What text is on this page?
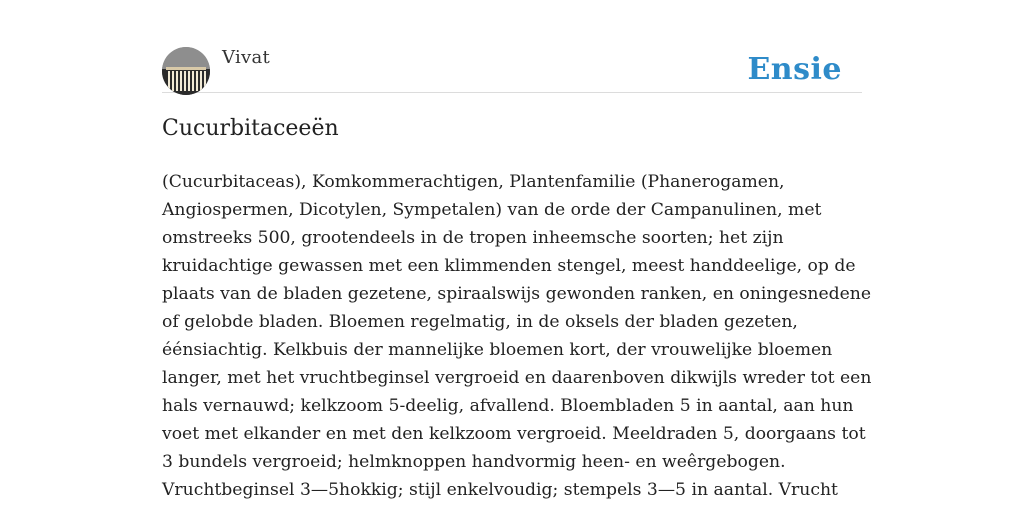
Vivat	Ensie
Cucurbitaceeën

(Cucurbitaceas), Komkommerachtigen, Plantenfamilie (Phanerogamen,
Angiospermen, Dicotylen, Sympetalen) van de orde der Campanulinen, met
omstreeks 500, grootendeels in de tropen inheemsche soorten; het zijn
kruidachtige gewassen met een klimmenden stengel, meest handdeelige, op de
plaats van de bladen gezetene, spiraalswijs gewonden ranken, en oningesnedene
of gelobde bladen. Bloemen regelmatig, in de oksels der bladen gezeten,
éénsiachtig. Kelkbuis der mannelijke bloemen kort, der vrouwelijke bloemen
langer, met het vruchtbeginsel vergroeid en daarenboven dikwijls wreder tot een
hals vernauwd; kelkzoom 5-deelig, afvallend. Bloembladen 5 in aantal, aan hun
voet met elkander en met den kelkzoom vergroeid. Meeldraden 5, doorgaans tot
3 bundels vergroeid; helmknoppen handvormig heen- en weêrgebogen.
Vruchtbeginsel 3—5hokkig; stijl enkelvoudig; stempels 3—5 in aantal. Vrucht
